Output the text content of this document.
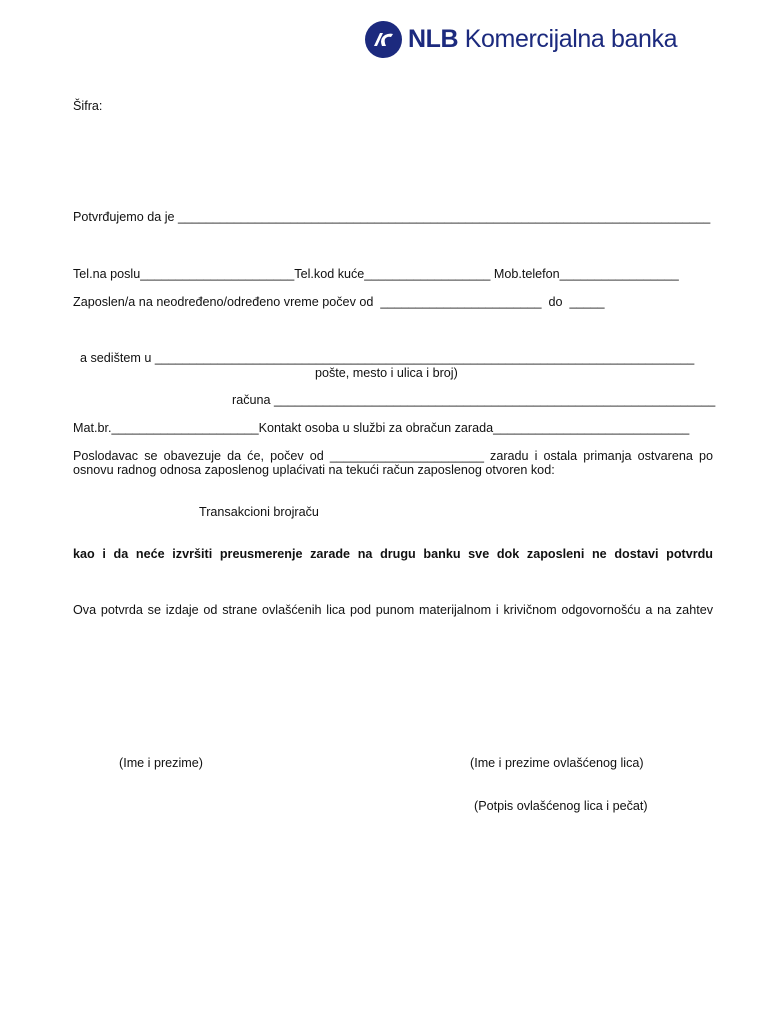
NLB Komercijalna banka
Šifra:
Potvrđujemo da je ____________________________________________________________________________
Tel.na poslu______________________Tel.kod kuće__________________ Mob.telefon_________________
Zaposlen/a na neodređeno/određeno vreme počev od  _______________________  do  _____
a sedištem u _____________________________________________________________________________
pošte, mesto i ulica i broj)
računa _______________________________________________________________
Mat.br._____________________Kontakt osoba u službi za obračun zarada____________________________
Poslodavac se obavezuje da će, počev od ______________________ zaradu i ostala primanja ostvarena po
osnovu radnog odnosa zaposlenog uplaćivati na tekući račun zaposlenog otvoren kod:
Transakcioni brojraču
kao i da neće izvršiti preusmerenje zarade na drugu banku sve dok zaposleni ne dostavi potvrdu
Ova potvrda se izdaje od strane ovlašćenih lica pod punom materijalnom i krivičnom odgovornošću a na zahtev
(Ime i prezime)	(Ime i prezime ovlašćenog lica)
(Potpis ovlašćenog lica i pečat)
